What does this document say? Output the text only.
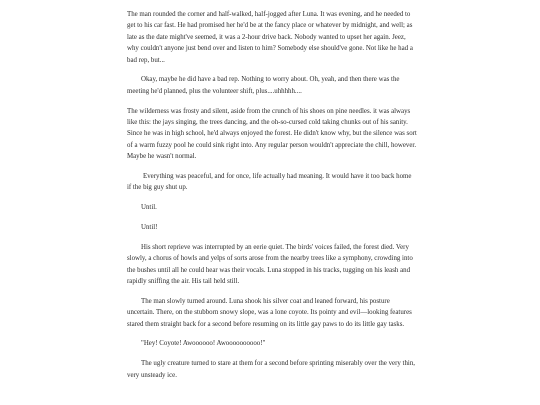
The man rounded the corner and half-walked, half-jogged after Luna. It was evening, and he needed to get to his car fast. He had promised her he'd be at the fancy place or whatever by midnight, and well; as late as the date might've seemed, it was a 2-hour drive back. Nobody wanted to upset her again. Jeez, why couldn't anyone just bend over and listen to him? Somebody else should've gone. Not like he had a bad rep, but...

Okay, maybe he did have a bad rep. Nothing to worry about. Oh, yeah, and then there was the meeting he'd planned, plus the volunteer shift, plus....uhhhhh....

The wilderness was frosty and silent, aside from the crunch of his shoes on pine needles. it was always like this: the jays singing, the trees dancing, and the oh-so-cursed cold taking chunks out of his sanity. Since he was in high school, he'd always enjoyed the forest. He didn't know why, but the silence was sort of a warm fuzzy pool he could sink right into. Any regular person wouldn't appreciate the chill, however. Maybe he wasn't normal.

Everything was peaceful, and for once, life actually had meaning. It would have it too back home if the big guy shut up.

Until.

Until!

His short reprieve was interrupted by an eerie quiet. The birds' voices failed, the forest died. Very slowly, a chorus of howls and yelps of sorts arose from the nearby trees like a symphony, crowding into the bushes until all he could hear was their vocals. Luna stopped in his tracks, tugging on his leash and rapidly sniffing the air. His tail held still.

The man slowly turned around. Luna shook his silver coat and leaned forward, his posture uncertain. There, on the stubborn snowy slope, was a lone coyote. Its pointy and evil—looking features stared them straight back for a second before resuming on its little gay paws to do its little gay tasks.

"Hey! Coyote! Awoooooo! Awoooooooooo!"

The ugly creature turned to stare at them for a second before sprinting miserably over the very thin, very unsteady ice.
